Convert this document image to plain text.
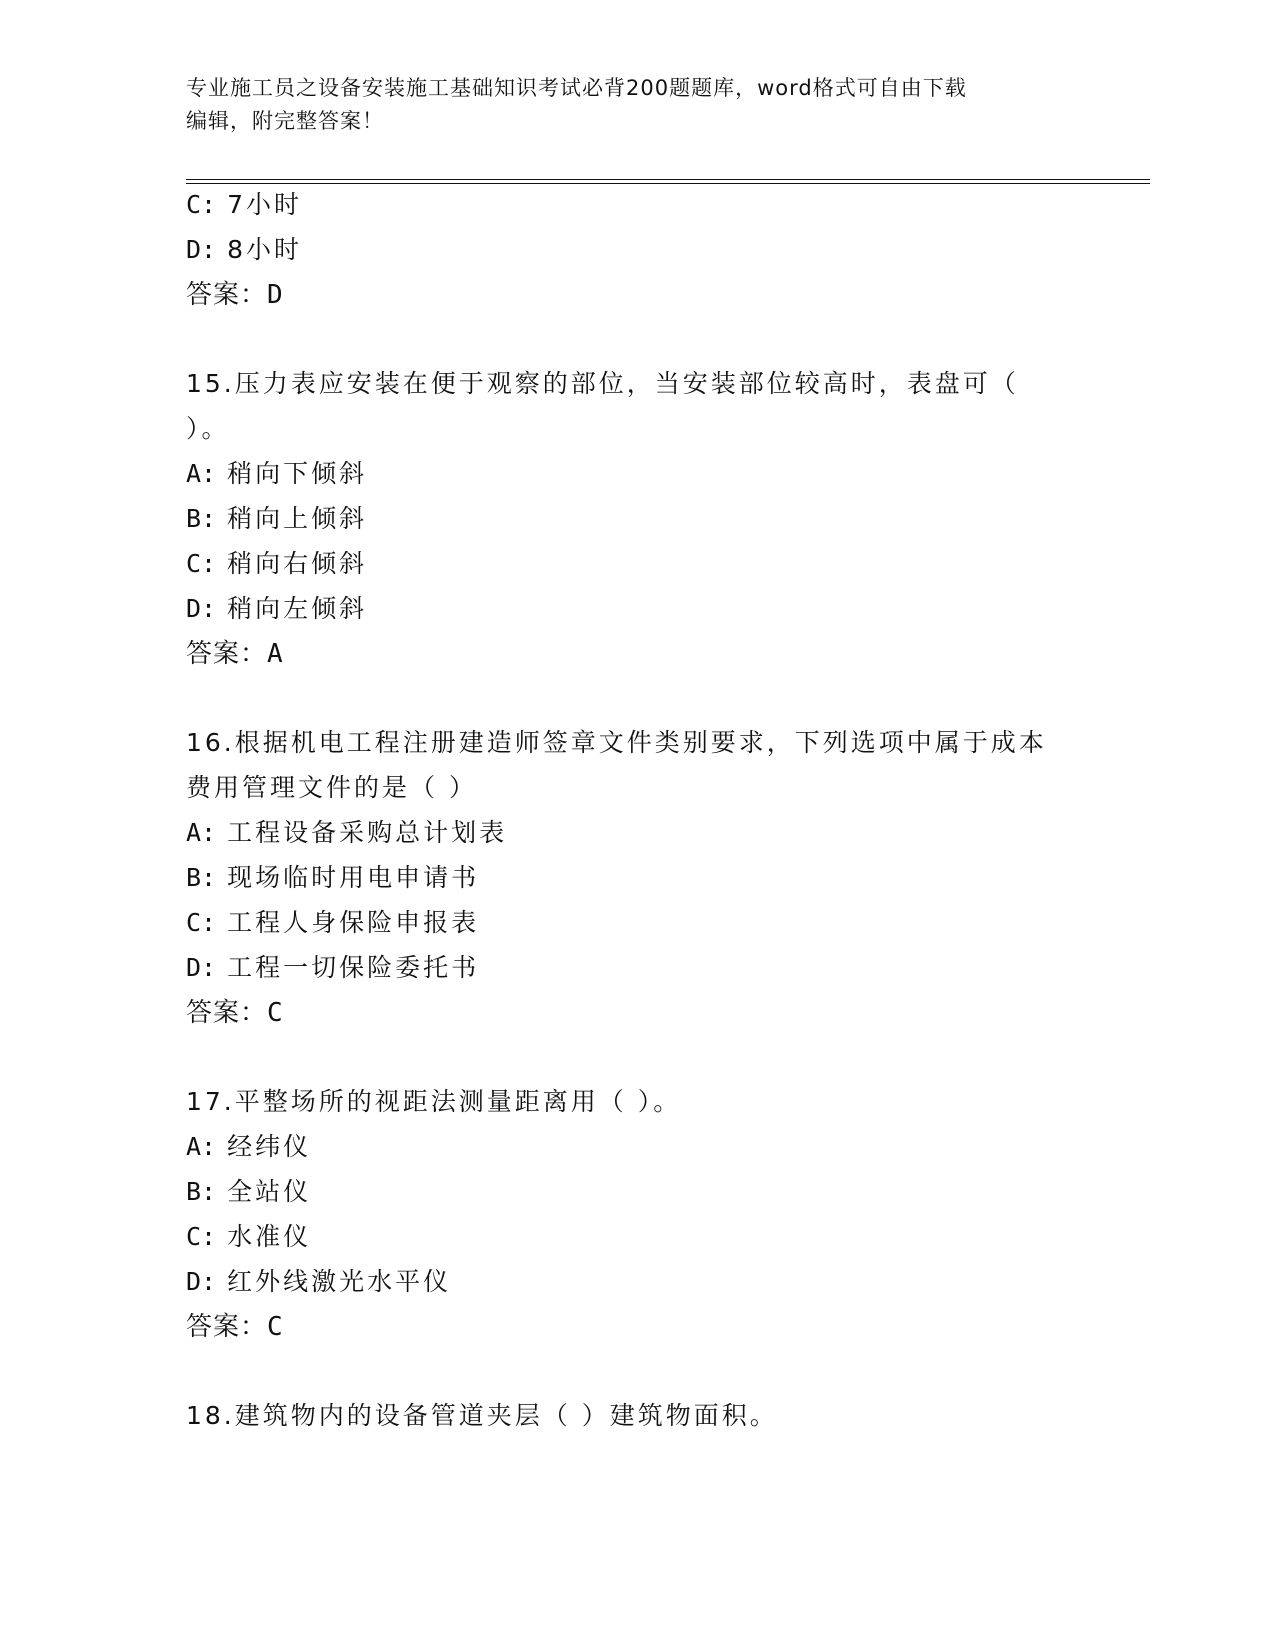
专业施工员之设备安装施工基础知识考试必背200题题库，word格式可自由下载
编辑，附完整答案！
C: 7小时
D: 8小时
答案：D
15.压力表应安装在便于观察的部位，当安装部位较高时，表盘可（
）。
A: 稍向下倾斜
B: 稍向上倾斜
C: 稍向右倾斜
D: 稍向左倾斜
答案：A
16.根据机电工程注册建造师签章文件类别要求，下列选项中属于成本
费用管理文件的是（ ）
A: 工程设备采购总计划表
B: 现场临时用电申请书
C: 工程人身保险申报表
D: 工程一切保险委托书
答案：C
17.平整场所的视距法测量距离用（ ）。
A: 经纬仪
B: 全站仪
C: 水准仪
D: 红外线激光水平仪
答案：C
18.建筑物内的设备管道夹层（ ）建筑物面积。
